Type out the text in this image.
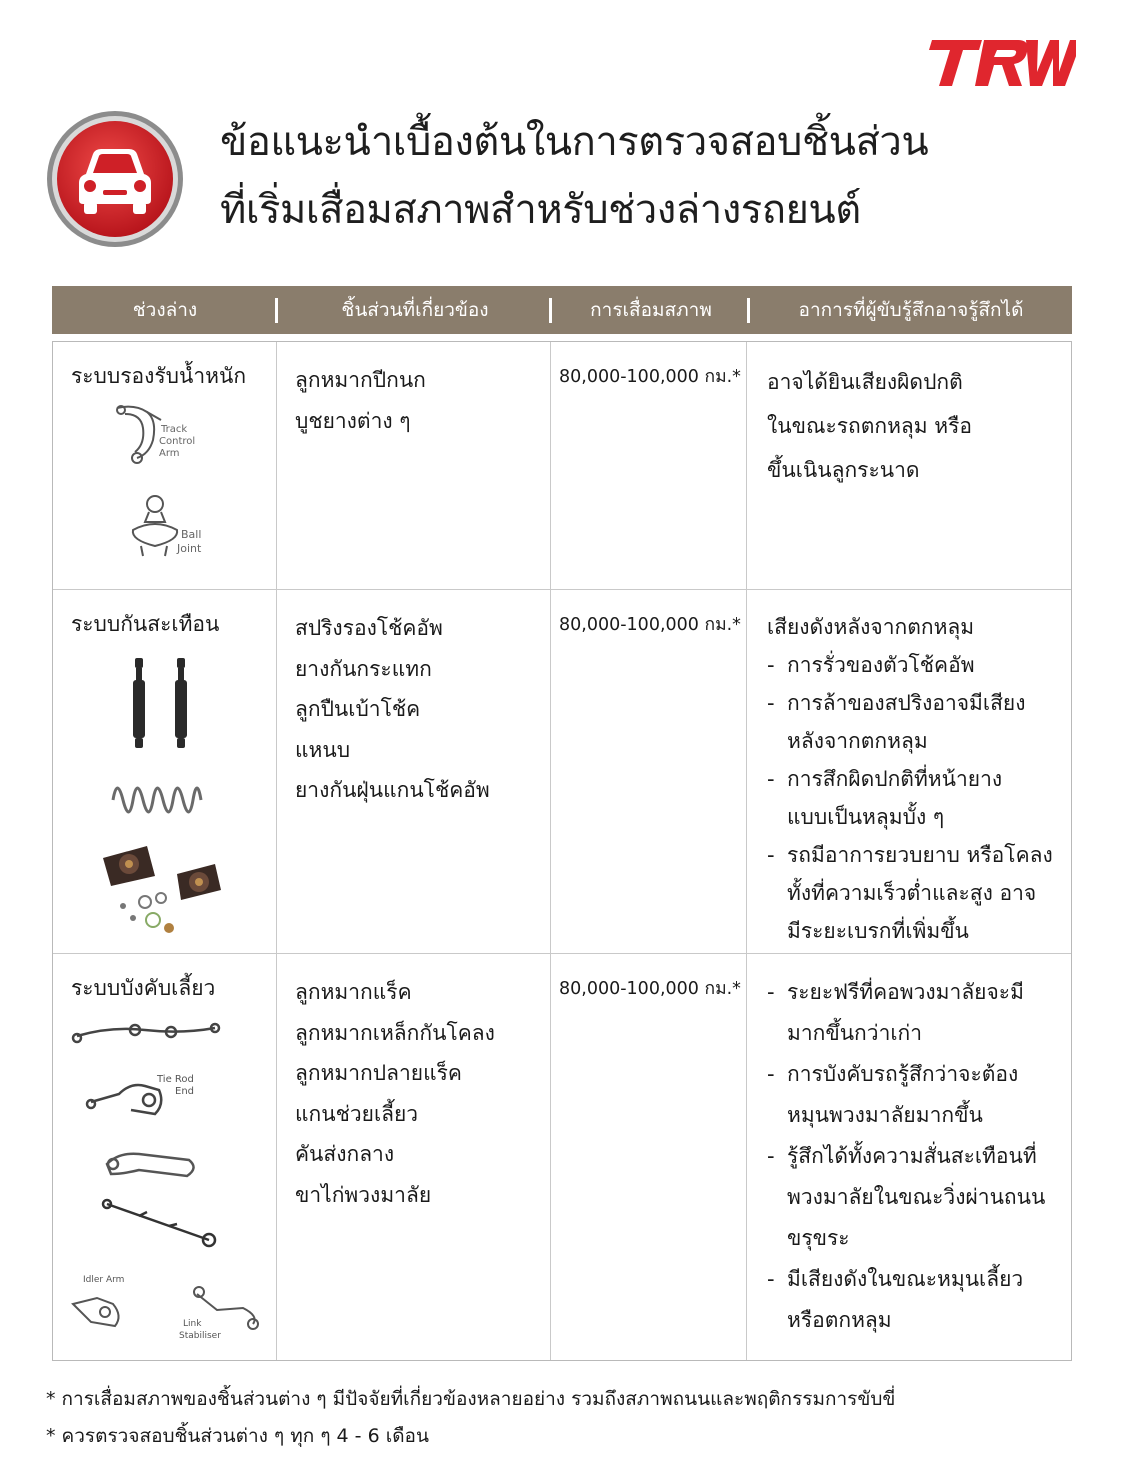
ข้อแนะนำเบื้องต้นในการตรวจสอบชิ้นส่วน
ที่เริ่มเสื่อมสภาพสำหรับช่วงล่างรถยนต์
ช่วงล่าง	ชิ้นส่วนที่เกี่ยวข้อง	การเสื่อมสภาพ	อาการที่ผู้ขับรู้สึกอาจรู้สึกได้
ระบบรองรับน้ำหนัก
Track
Control
Arm
Ball
Joint
ลูกหมากปีกนก
บูชยางต่าง ๆ
80,000-100,000 กม.* อาจได้ยินเสียงผิดปกติ
ในขณะรถตกหลุม หรือ
ขึ้นเนินลูกระนาด
ระบบกันสะเทือน	สปริงรองโช้คอัพ
ยางกันกระแทก
ลูกปืนเบ้าโช้ค
แหนบ
ยางกันฝุ่นแกนโช้คอัพ
80,000-100,000 กม.* เสียงดังหลังจากตกหลุม
- การรั่วของตัวโช้คอัพ
- การล้าของสปริงอาจมีเสียง
หลังจากตกหลุม
- การสึกผิดปกติที่หน้ายาง
แบบเป็นหลุมบั้ง ๆ
- รถมีอาการยวบยาบ หรือโคลง
ทั้งที่ความเร็วต่ำและสูง อาจ
มีระยะเบรกที่เพิ่มขึ้น
ระบบบังคับเลี้ยว
Tie Rod
End
Idler Arm
Link
Stabiliser
ลูกหมากแร็ค
ลูกหมากเหล็กกันโคลง
ลูกหมากปลายแร็ค
แกนช่วยเลี้ยว
คันส่งกลาง
ขาไก่พวงมาลัย
80,000-100,000 กม.*
-	ระยะฟรีที่คอพวงมาลัยจะมี
มากขึ้นกว่าเก่า
- การบังคับรถรู้สึกว่าจะต้อง
หมุนพวงมาลัยมากขึ้น
- รู้สึกได้ทั้งความสั่นสะเทือนที่
พวงมาลัยในขณะวิ่งผ่านถนน
ขรุขระ
- มีเสียงดังในขณะหมุนเลี้ยว
หรือตกหลุม
* การเสื่อมสภาพของชิ้นส่วนต่าง ๆ มีปัจจัยที่เกี่ยวข้องหลายอย่าง รวมถึงสภาพถนนและพฤติกรรมการขับขี่
* ควรตรวจสอบชิ้นส่วนต่าง ๆ ทุก ๆ 4 - 6 เดือน
